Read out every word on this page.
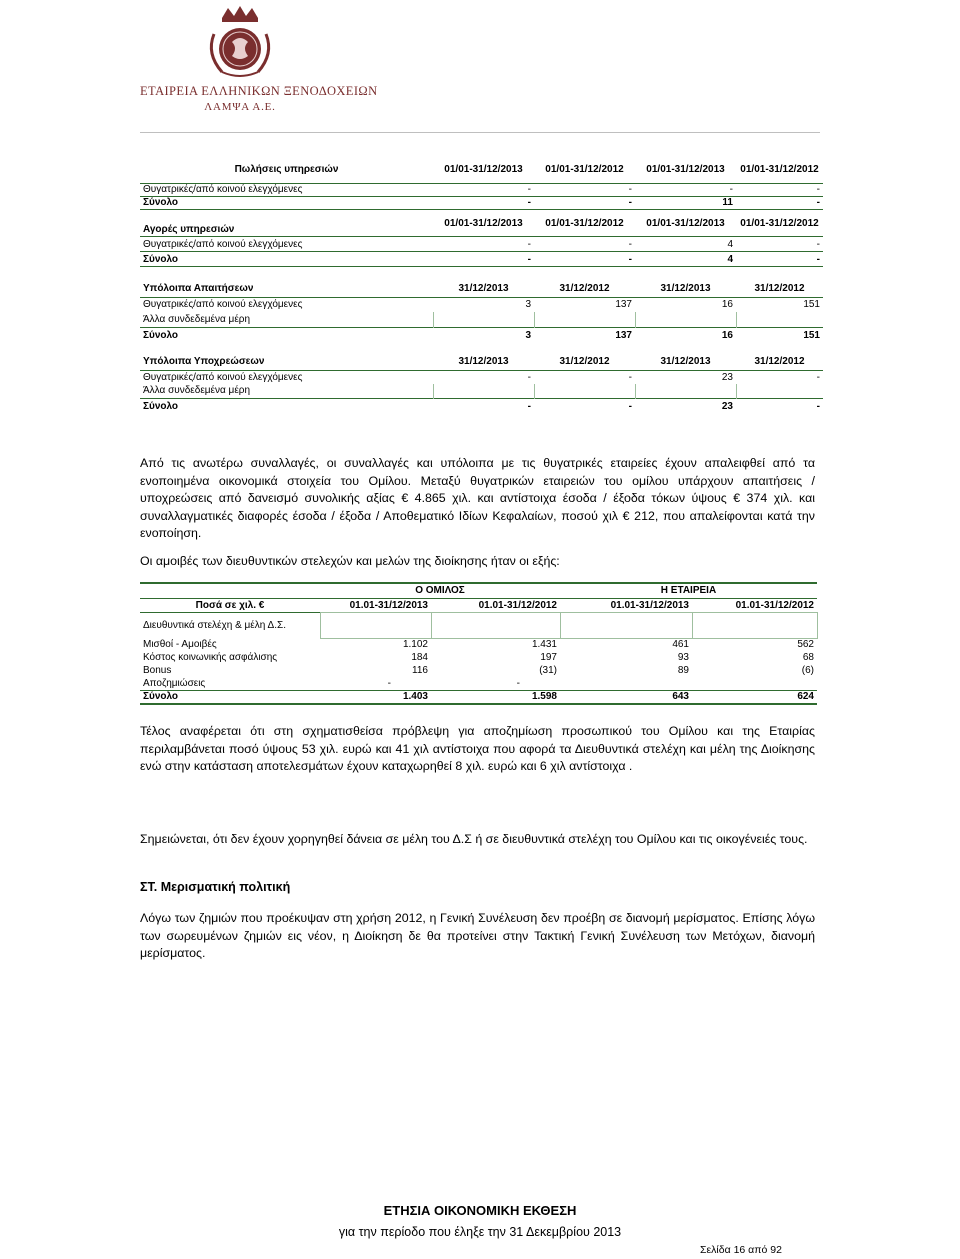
ΕΤΑΙΡΕΙΑ ΕΛΛΗΝΙΚΩΝ ΞΕΝΟΔΟΧΕΙΩΝ
ΛΑΜΨΑ Α.Ε.
Πωλήσεις υπηρεσιών	01/01-31/12/2013	01/01-31/12/2012	01/01-31/12/2013	01/01-31/12/2012

Θυγατρικές/από κοινού ελεγχόμενες	-	-	-	-
Σύνολο	-	-	11	-
Αγορές υπηρεσιών	01/01-31/12/2013	01/01-31/12/2012	01/01-31/12/2013	01/01-31/12/2012

Θυγατρικές/από κοινού ελεγχόμενες	-	-	4	-
Σύνολο	-	-	4	-
Υπόλοιπα Απαιτήσεων	31/12/2013	31/12/2012	31/12/2013	31/12/2012
Θυγατρικές/από κοινού ελεγχόμενες	3	137	16	151
Άλλα συνδεδεμένα μέρη				
Σύνολο	3	137	16	151
Υπόλοιπα Υποχρεώσεων	31/12/2013	31/12/2012	31/12/2013	31/12/2012
Θυγατρικές/από κοινού ελεγχόμενες	-	-	23	-
Άλλα συνδεδεμένα μέρη				
Σύνολο	-	-	23	-
Από τις ανωτέρω συναλλαγές, οι συναλλαγές και υπόλοιπα με τις θυγατρικές εταιρείες έχουν απαλειφθεί από τα ενοποιημένα οικονομικά στοιχεία του Ομίλου. Μεταξύ θυγατρικών εταιρειών του ομίλου υπάρχουν απαιτήσεις / υποχρεώσεις από δανεισμό συνολικής αξίας € 4.865 χιλ. και αντίστοιχα έσοδα / έξοδα τόκων ύψους € 374 χιλ. και συναλλαγματικές διαφορές έσοδα / έξοδα / Αποθεματικό Ιδίων Κεφαλαίων, ποσού χιλ € 212, που απαλείφονται κατά την ενοποίηση.
Οι αμοιβές των διευθυντικών στελεχών και μελών της διοίκησης ήταν οι εξής:
	Ο ΟΜΙΛΟΣ		Η ΕΤΑΙΡΕΙΑ	
Ποσά σε χιλ. €	01.01-31/12/2013	01.01-31/12/2012	01.01-31/12/2013	01.01-31/12/2012
Διευθυντικά στελέχη & μέλη Δ.Σ.				
Μισθοί - Αμοιβές	1.102	1.431	461	562
Κόστος κοινωνικής ασφάλισης	184	197	93	68
Bonus	116	(31)	89	(6)
Αποζημιώσεις	-	-		
Σύνολο	1.403	1.598	643	624
Τέλος αναφέρεται ότι στη σχηματισθείσα πρόβλεψη για αποζημίωση προσωπικού του Ομίλου και της Εταιρίας περιλαμβάνεται ποσό ύψους 53 χιλ. ευρώ και 41 χιλ αντίστοιχα που αφορά τα Διευθυντικά στελέχη και μέλη της Διοίκησης ενώ στην κατάσταση αποτελεσμάτων έχουν καταχωρηθεί 8 χιλ. ευρώ και 6 χιλ αντίστοιχα .
Σημειώνεται, ότι δεν έχουν χορηγηθεί δάνεια σε μέλη του Δ.Σ ή σε διευθυντικά στελέχη του Ομίλου και τις οικογένειές τους.
ΣΤ. Μερισματική πολιτική
Λόγω των ζημιών που προέκυψαν στη χρήση 2012, η Γενική Συνέλευση δεν προέβη σε διανομή μερίσματος. Επίσης λόγω των σωρευμένων ζημιών εις νέον, η Διοίκηση δε θα προτείνει στην Τακτική Γενική Συνέλευση των Μετόχων, διανομή μερίσματος.
ΕΤΗΣΙΑ ΟΙΚΟΝΟΜΙΚΗ ΕΚΘΕΣΗ
για την περίοδο που έληξε την 31 Δεκεμβρίου 2013
Σελίδα 16 από 92
